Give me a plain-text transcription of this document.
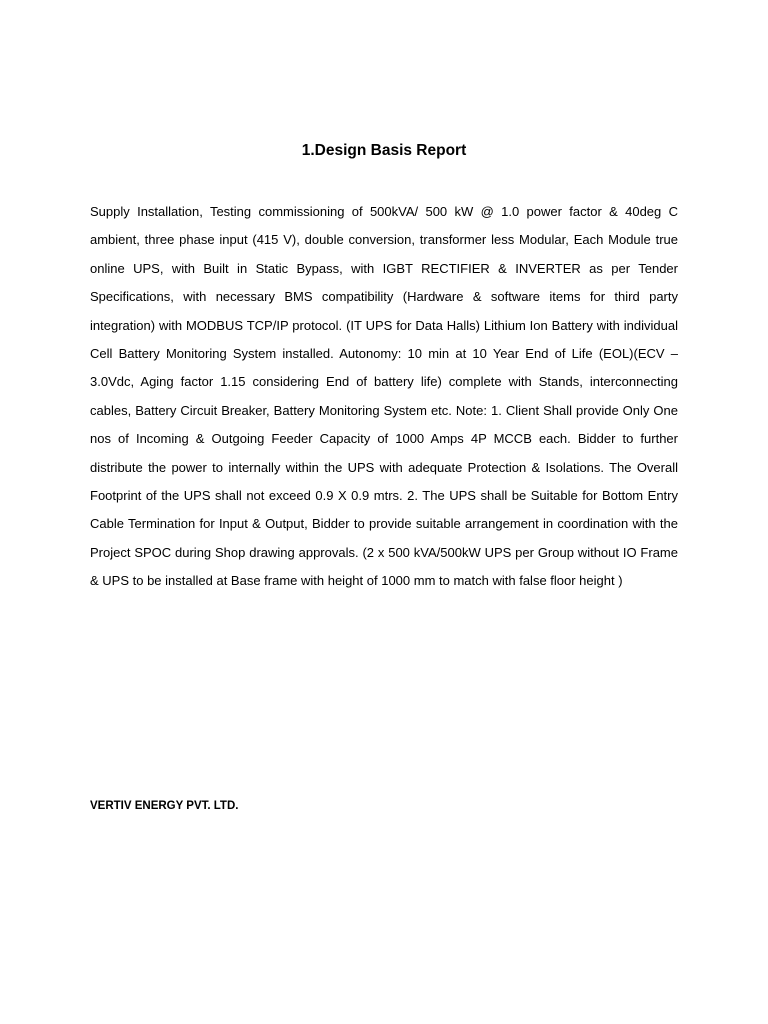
1.Design Basis Report

Supply Installation, Testing commissioning of 500kVA/ 500 kW @ 1.0 power factor & 40deg C ambient, three phase input (415 V), double conversion, transformer less Modular, Each Module true online UPS, with Built in Static Bypass, with IGBT RECTIFIER & INVERTER as per Tender Specifications, with necessary BMS compatibility (Hardware & software items for third party integration) with MODBUS TCP/IP protocol. (IT UPS for Data Halls) Lithium Ion Battery with individual Cell Battery Monitoring System installed. Autonomy: 10 min at 10 Year End of Life (EOL)(ECV – 3.0Vdc, Aging factor 1.15 considering End of battery life) complete with Stands, interconnecting cables, Battery Circuit Breaker, Battery Monitoring System etc. Note: 1. Client Shall provide Only One nos of Incoming & Outgoing Feeder Capacity of 1000 Amps 4P MCCB each. Bidder to further distribute the power to internally within the UPS with adequate Protection & Isolations. The Overall Footprint of the UPS shall not exceed 0.9 X 0.9 mtrs. 2. The UPS shall be Suitable for Bottom Entry Cable Termination for Input & Output, Bidder to provide suitable arrangement in coordination with the Project SPOC during Shop drawing approvals. (2 x 500 kVA/500kW UPS per Group without IO Frame & UPS to be installed at Base frame with height of 1000 mm to match with false floor height )

VERTIV ENERGY PVT. LTD.
